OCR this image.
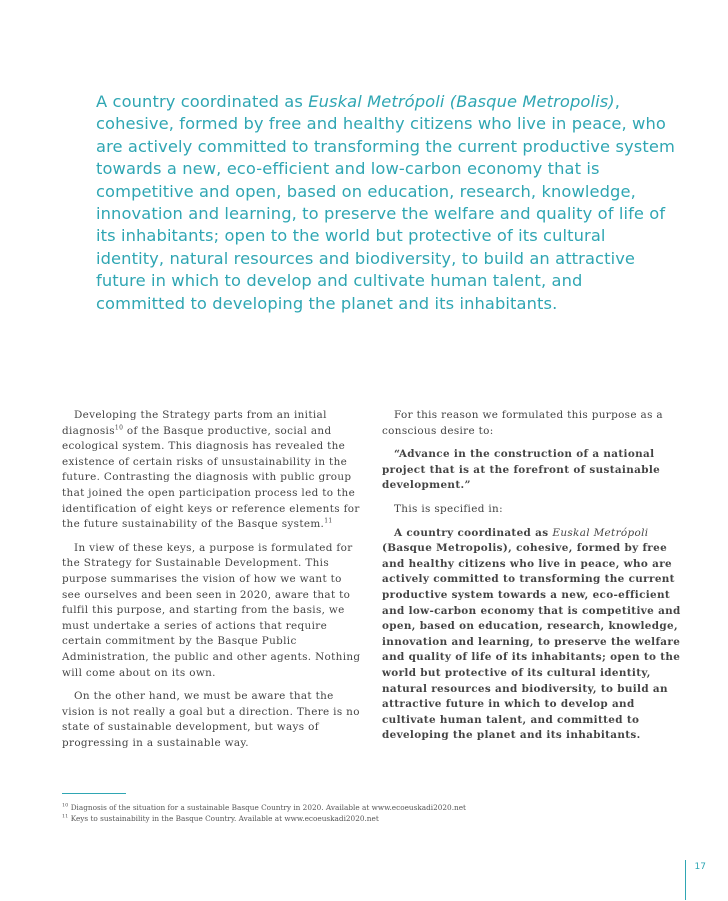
A country coordinated as Euskal Metrópoli (Basque Metropolis), cohesive, formed by free and healthy citizens who live in peace, who are actively committed to transforming the current productive system towards a new, eco-efficient and low-carbon economy that is competitive and open, based on education, research, knowledge, innovation and learning, to preserve the welfare and quality of life of its inhabitants; open to the world but protective of its cultural identity, natural resources and biodiversity, to build an attractive future in which to develop and cultivate human talent, and committed to developing the planet and its inhabitants.

Developing the Strategy parts from an initial diagnosis$^{10}$ of the Basque productive, social and ecological system. This diagnosis has revealed the existence of certain risks of unsustainability in the future. Contrasting the diagnosis with public group that joined the open participation process led to the identification of eight keys or reference elements for the future sustainability of the Basque system.$^{11}$

In view of these keys, a purpose is formulated for the Strategy for Sustainable Development. This purpose summarises the vision of how we want to see ourselves and been seen in 2020, aware that to fulfil this purpose, and starting from the basis, we must undertake a series of actions that require certain commitment by the Basque Public Administration, the public and other agents. Nothing will come about on its own.

On the other hand, we must be aware that the vision is not really a goal but a direction. There is no state of sustainable development, but ways of progressing in a sustainable way.

For this reason we formulated this purpose as a conscious desire to:

“Advance in the construction of a national project that is at the forefront of sustainable development.”

This is specified in:

A country coordinated as Euskal Metrópoli (Basque Metropolis), cohesive, formed by free and healthy citizens who live in peace, who are actively committed to transforming the current productive system towards a new, eco-efficient and low-carbon economy that is competitive and open, based on education, research, knowledge, innovation and learning, to preserve the welfare and quality of life of its inhabitants; open to the world but protective of its cultural identity, natural resources and biodiversity, to build an attractive future in which to develop and cultivate human talent, and committed to developing the planet and its inhabitants.

$^{10}$ Diagnosis of the situation for a sustainable Basque Country in 2020. Available at www.ecoeuskadi2020.net
$^{11}$ Keys to sustainability in the Basque Country. Available at www.ecoeuskadi2020.net
17
